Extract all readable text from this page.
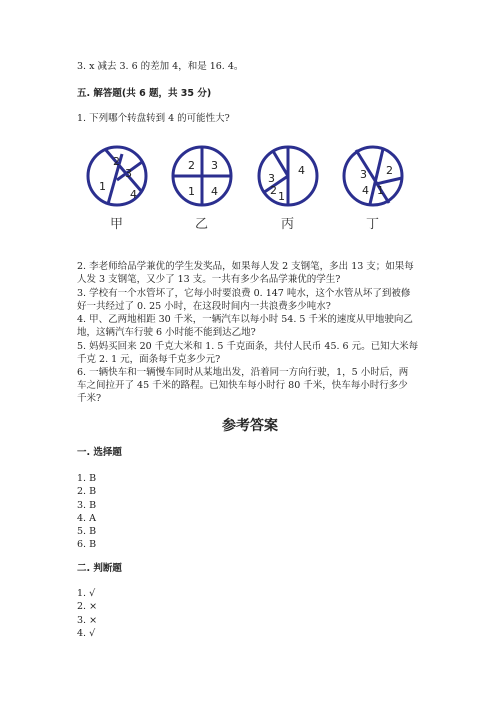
3. x 减去 3. 6 的差加 4，和是 16. 4。
五. 解答题(共 6 题，共 35 分)
1. 下列哪个转盘转到 4 的可能性大?
2
3
1
4
2 3
1 4
3
4
1
2
3 2
4 1
甲	乙	丙	丁
2. 李老师给品学兼优的学生发奖品，如果每人发 2 支钢笔，多出 13 支；如果每
人发 3 支钢笔，又少了 13 支。一共有多少名品学兼优的学生?
3. 学校有一个水管坏了，它每小时要浪费 0. 147 吨水，这个水管从坏了到被修
好一共经过了 0. 25 小时，在这段时间内一共浪费多少吨水?
4. 甲、乙两地相距 30 千米，一辆汽车以每小时 54. 5 千米的速度从甲地驶向乙
地，这辆汽车行驶 6 小时能不能到达乙地?
5. 妈妈买回来 20 千克大米和 1. 5 千克面条，共付人民币 45. 6 元。已知大米每
千克 2. 1 元，面条每千克多少元?
6. 一辆快车和一辆慢车同时从某地出发，沿着同一方向行驶，1，5 小时后，两
车之间拉开了 45 千米的路程。已知快车每小时行 80 千米，快车每小时行多少
千米?
参考答案
一. 选择题
1. B
2. B
3. B
4. A
5. B
6. B
二. 判断题
1. √
2. ×
3. ×
4. √
